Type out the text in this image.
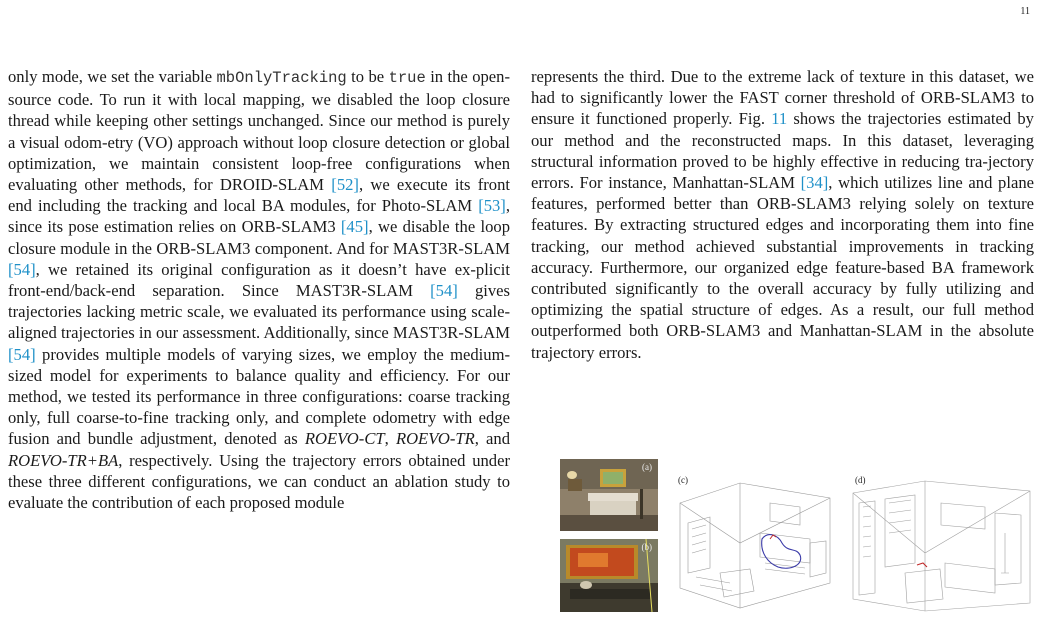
11

only mode, we set the variable mbOnlyTracking to be true in the open-source code. To run it with local mapping, we disabled the loop closure thread while keeping other settings unchanged. Since our method is purely a visual odom-etry (VO) approach without loop closure detection or global optimization, we maintain consistent loop-free configurations when evaluating other methods, for DROID-SLAM [52], we execute its front end including the tracking and local BA modules, for Photo-SLAM [53], since its pose estimation relies on ORB-SLAM3 [45], we disable the loop closure module in the ORB-SLAM3 component. And for MAST3R-SLAM [54], we retained its original configuration as it doesn’t have ex-plicit front-end/back-end separation. Since MAST3R-SLAM [54] gives trajectories lacking metric scale, we evaluated its performance using scale-aligned trajectories in our assessment. Additionally, since MAST3R-SLAM [54] provides multiple models of varying sizes, we employ the medium-sized model for experiments to balance quality and efficiency. For our method, we tested its performance in three configurations: coarse tracking only, full coarse-to-fine tracking only, and complete odometry with edge fusion and bundle adjustment, denoted as ROEVO-CT, ROEVO-TR, and ROEVO-TR+BA, respectively. Using the trajectory errors obtained under these three different configurations, we can conduct an ablation study to evaluate the contribution of each proposed module

represents the third. Due to the extreme lack of texture in this dataset, we had to significantly lower the FAST corner threshold of ORB-SLAM3 to ensure it functioned properly. Fig. 11 shows the trajectories estimated by our method and the reconstructed maps. In this dataset, leveraging structural information proved to be highly effective in reducing tra-jectory errors. For instance, Manhattan-SLAM [34], which utilizes line and plane features, performed better than ORB-SLAM3 relying solely on texture features. By extracting structured edges and incorporating them into fine tracking, our method achieved substantial improvements in tracking accuracy. Furthermore, our organized edge feature-based BA framework contributed significantly to the overall accuracy by fully utilizing and optimizing the spatial structure of edges. As a result, our full method outperformed both ORB-SLAM3 and Manhattan-SLAM in the absolute trajectory errors.

(a)
(b)
(c)	(d)
